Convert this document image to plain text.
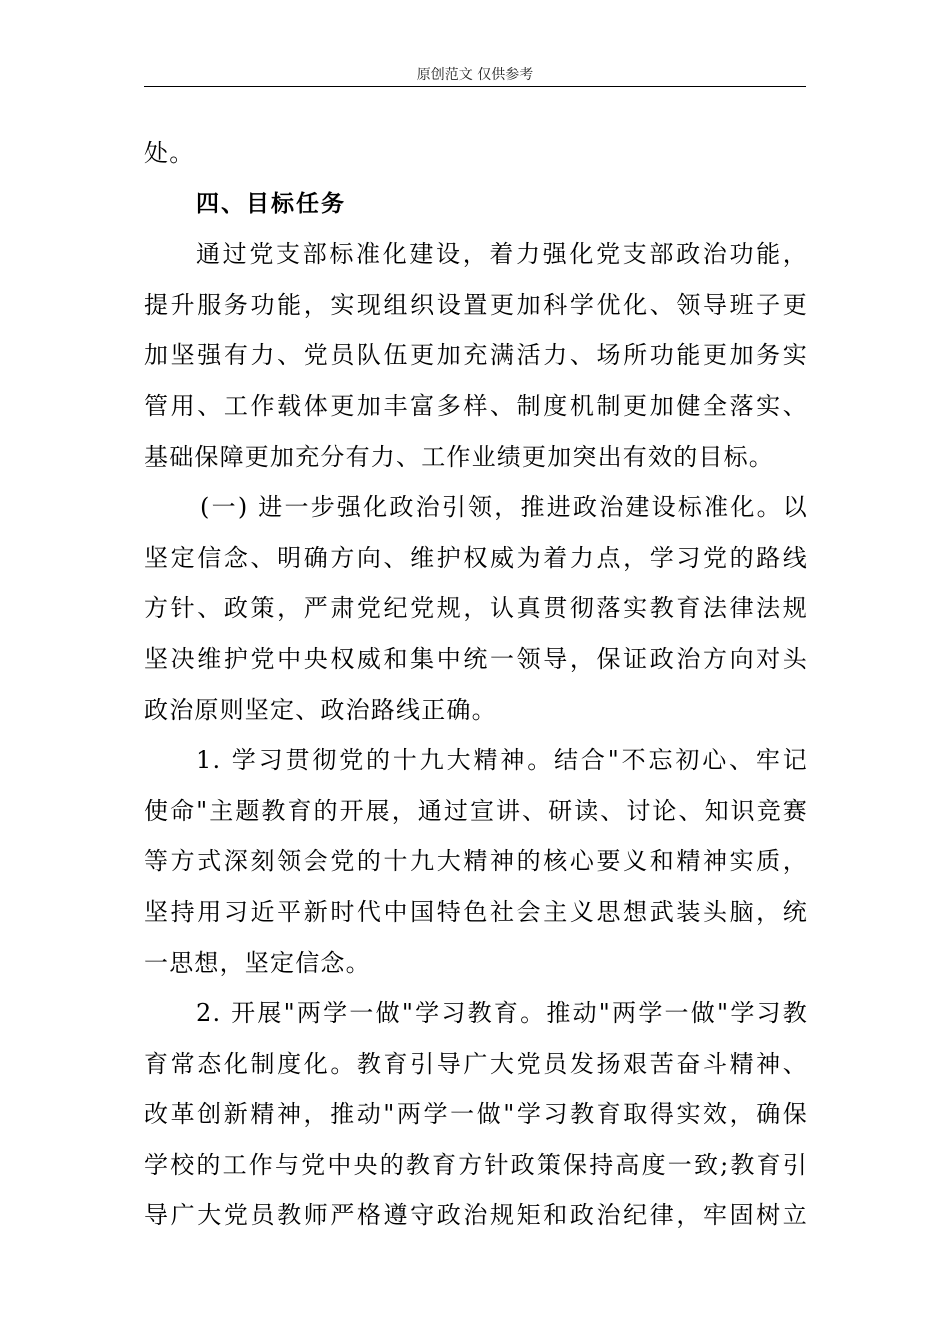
原创范文 仅供参考
处。
四、目标任务
通过党支部标准化建设，着力强化党支部政治功能，
提升服务功能，实现组织设置更加科学优化、领导班子更
加坚强有力、党员队伍更加充满活力、场所功能更加务实
管用、工作载体更加丰富多样、制度机制更加健全落实、
基础保障更加充分有力、工作业绩更加突出有效的目标。
(一) 进一步强化政治引领，推进政治建设标准化。以
坚定信念、明确方向、维护权威为着力点，学习党的路线
方针、政策，严肃党纪党规，认真贯彻落实教育法律法规
坚决维护党中央权威和集中统一领导，保证政治方向对头
政治原则坚定、政治路线正确。
1. 学习贯彻党的十九大精神。结合"不忘初心、牢记
使命"主题教育的开展，通过宣讲、研读、讨论、知识竞赛
等方式深刻领会党的十九大精神的核心要义和精神实质，
坚持用习近平新时代中国特色社会主义思想武装头脑，统
一思想，坚定信念。
2. 开展"两学一做"学习教育。推动"两学一做"学习教
育常态化制度化。教育引导广大党员发扬艰苦奋斗精神、
改革创新精神，推动"两学一做"学习教育取得实效，确保
学校的工作与党中央的教育方针政策保持高度一致;教育引
导广大党员教师严格遵守政治规矩和政治纪律，牢固树立
